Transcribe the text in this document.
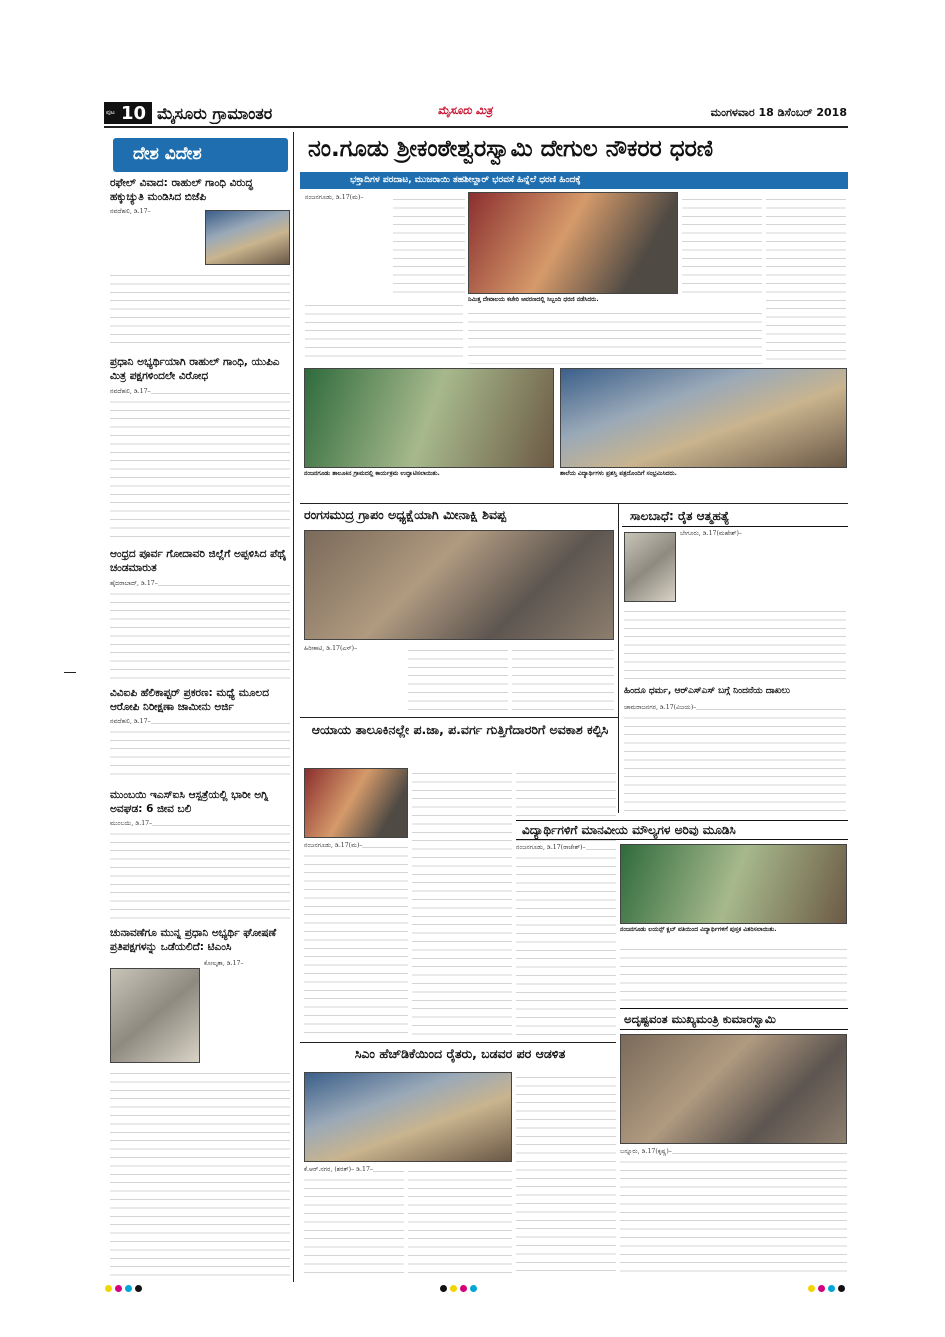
ಪುಟ 10 ಮೈಸೂರು ಗ್ರಾಮಾಂತರ	ಮೈಸೂರು ಮಿತ್ರ	ಮಂಗಳವಾರ 18 ಡಿಸೆಂಬರ್ 2018
ದೇಶ ವಿದೇಶ
ರಫೇಲ್ ವಿವಾದ: ರಾಹುಲ್ ಗಾಂಧಿ ವಿರುದ್ಧ ಹಕ್ಕುಚ್ಯುತಿ ಮಂಡಿಸಿದ ಬಿಜೆಪಿ
ನವದೆಹಲಿ, ಡಿ.17–
ಪ್ರಧಾನಿ ಅಭ್ಯರ್ಥಿಯಾಗಿ ರಾಹುಲ್ ಗಾಂಧಿ, ಯುಪಿಎ ಮಿತ್ರ ಪಕ್ಷಗಳಿಂದಲೇ ವಿರೋಧ
ನವದೆಹಲಿ, ಡಿ.17–
ಆಂಧ್ರದ ಪೂರ್ವ ಗೋದಾವರಿ ಜಿಲ್ಲೆಗೆ ಅಪ್ಪಳಿಸಿದ ಪೆಥೈ ಚಂಡಮಾರುತ
ಹೈದರಾಬಾದ್, ಡಿ.17–
ವಿವಿಐಪಿ ಹೆಲಿಕಾಪ್ಟರ್ ಪ್ರಕರಣ: ಮಧ್ಯೆ ಮೂಲದ ಆರೋಪಿ ನಿರೀಕ್ಷಣಾ ಜಾಮೀನು ಅರ್ಜಿ
ನವದೆಹಲಿ, ಡಿ.17–
ಮುಂಬಯಿ ಇಎಸ್‌ಐಸಿ ಆಸ್ಪತ್ರೆಯಲ್ಲಿ ಭಾರೀ ಅಗ್ನಿ ಅವಘಡ: 6 ಜೀವ ಬಲಿ
ಮುಂಬಯಿ, ಡಿ.17–
ಚುನಾವಣೆಗೂ ಮುನ್ನ ಪ್ರಧಾನಿ ಅಭ್ಯರ್ಥಿ ಘೋಷಣೆ ಪ್ರತಿಪಕ್ಷಗಳನ್ನು ಒಡೆಯಲಿದೆ: ಟಿಎಂಸಿ
ಕೋಲ್ಕತಾ, ಡಿ.17–
ನಂ.ಗೂಡು ಶ್ರೀಕಂಠೇಶ್ವರಸ್ವಾಮಿ ದೇಗುಲ ನೌಕರರ ಧರಣಿ
ಭಕ್ತಾದಿಗಳ ಪರದಾಟ, ಮುಜರಾಯಿ ತಹಶೀಲ್ದಾರ್ ಭರವಸೆ ಹಿನ್ನೆಲೆ ಧರಣಿ ಹಿಂದಕ್ಕೆ
ನಂಜನಗೂಡು, ಡಿ.17(ಮ)–
ನಿಮಿತ್ತ ದೇವಾಲಯ ಕಚೇರಿ ಆವರಣದಲ್ಲಿ ಸಿಬ್ಬಂದಿ ಧರಣಿ ನಡೆಸಿದರು.
ನಂಜನಗೂಡು ತಾಲೂಕಿನ ಗ್ರಾಮದಲ್ಲಿ ಕಾರ್ಯಕ್ರಮ ಉದ್ಘಾಟಿಸಲಾಯಿತು.	ಶಾಲೆಯ ವಿದ್ಯಾರ್ಥಿಗಳು ಪ್ರಶಸ್ತಿ ಪತ್ರದೊಂದಿಗೆ ಸಂಭ್ರಮಿಸಿದರು.
ರಂಗಸಮುದ್ರ ಗ್ರಾಪಂ ಅಧ್ಯಕ್ಷೆಯಾಗಿ ಮೀನಾಕ್ಷಿ ಶಿವಪ್ಪ
ಹಿರೀಕಾಟಿ, ಡಿ.17(ಎಸ್)–
ಸಾಲಬಾಧೆ: ರೈತ ಆತ್ಮಹತ್ಯೆ
ಬೇಗೂರು, ಡಿ.17(ಮಹೇಶ್)–
ಹಿಂದೂ ಧರ್ಮ, ಆರ್‌ಎಸ್‌ಎಸ್ ಬಗ್ಗೆ ನಿಂದನೆಯ ದಾಖಲು
ಚಾಮರಾಜನಗರ, ಡಿ.17(ವಿಜಯ)–
ಆಯಾಯ ತಾಲೂಕಿನಲ್ಲೇ ಪ.ಜಾ, ಪ.ವರ್ಗ ಗುತ್ತಿಗೆದಾರರಿಗೆ ಅವಕಾಶ ಕಲ್ಪಿಸಿ
ನಂಜನಗೂಡು, ಡಿ.17(ಮ)–
ವಿದ್ಯಾರ್ಥಿಗಳಿಗೆ ಮಾನವೀಯ ಮೌಲ್ಯಗಳ ಅರಿವು ಮೂಡಿಸಿ
ನಂಜನಗೂಡು, ಡಿ.17(ರಾಜೇಶ್)–
ನಂಜನಗೂಡು ಲಯನ್ಸ್ ಕ್ಲಬ್ ವತಿಯಿಂದ ವಿದ್ಯಾರ್ಥಿಗಳಿಗೆ ಪುಸ್ತಕ ವಿತರಿಸಲಾಯಿತು.
ಸಿಎಂ ಹೆಚ್‌ಡಿಕೆಯಿಂದ ರೈತರು, ಬಡವರ ಪರ ಆಡಳಿತ
ಕೆ.ಆರ್.ನಗರ, (ಶರತ್)– ಡಿ.17–
ಅದೃಷ್ಟವಂತ ಮುಖ್ಯಮಂತ್ರಿ ಕುಮಾರಸ್ವಾಮಿ
ಬನ್ನೂರು, ಡಿ.17(ಕೃಷ್ಣ)–
